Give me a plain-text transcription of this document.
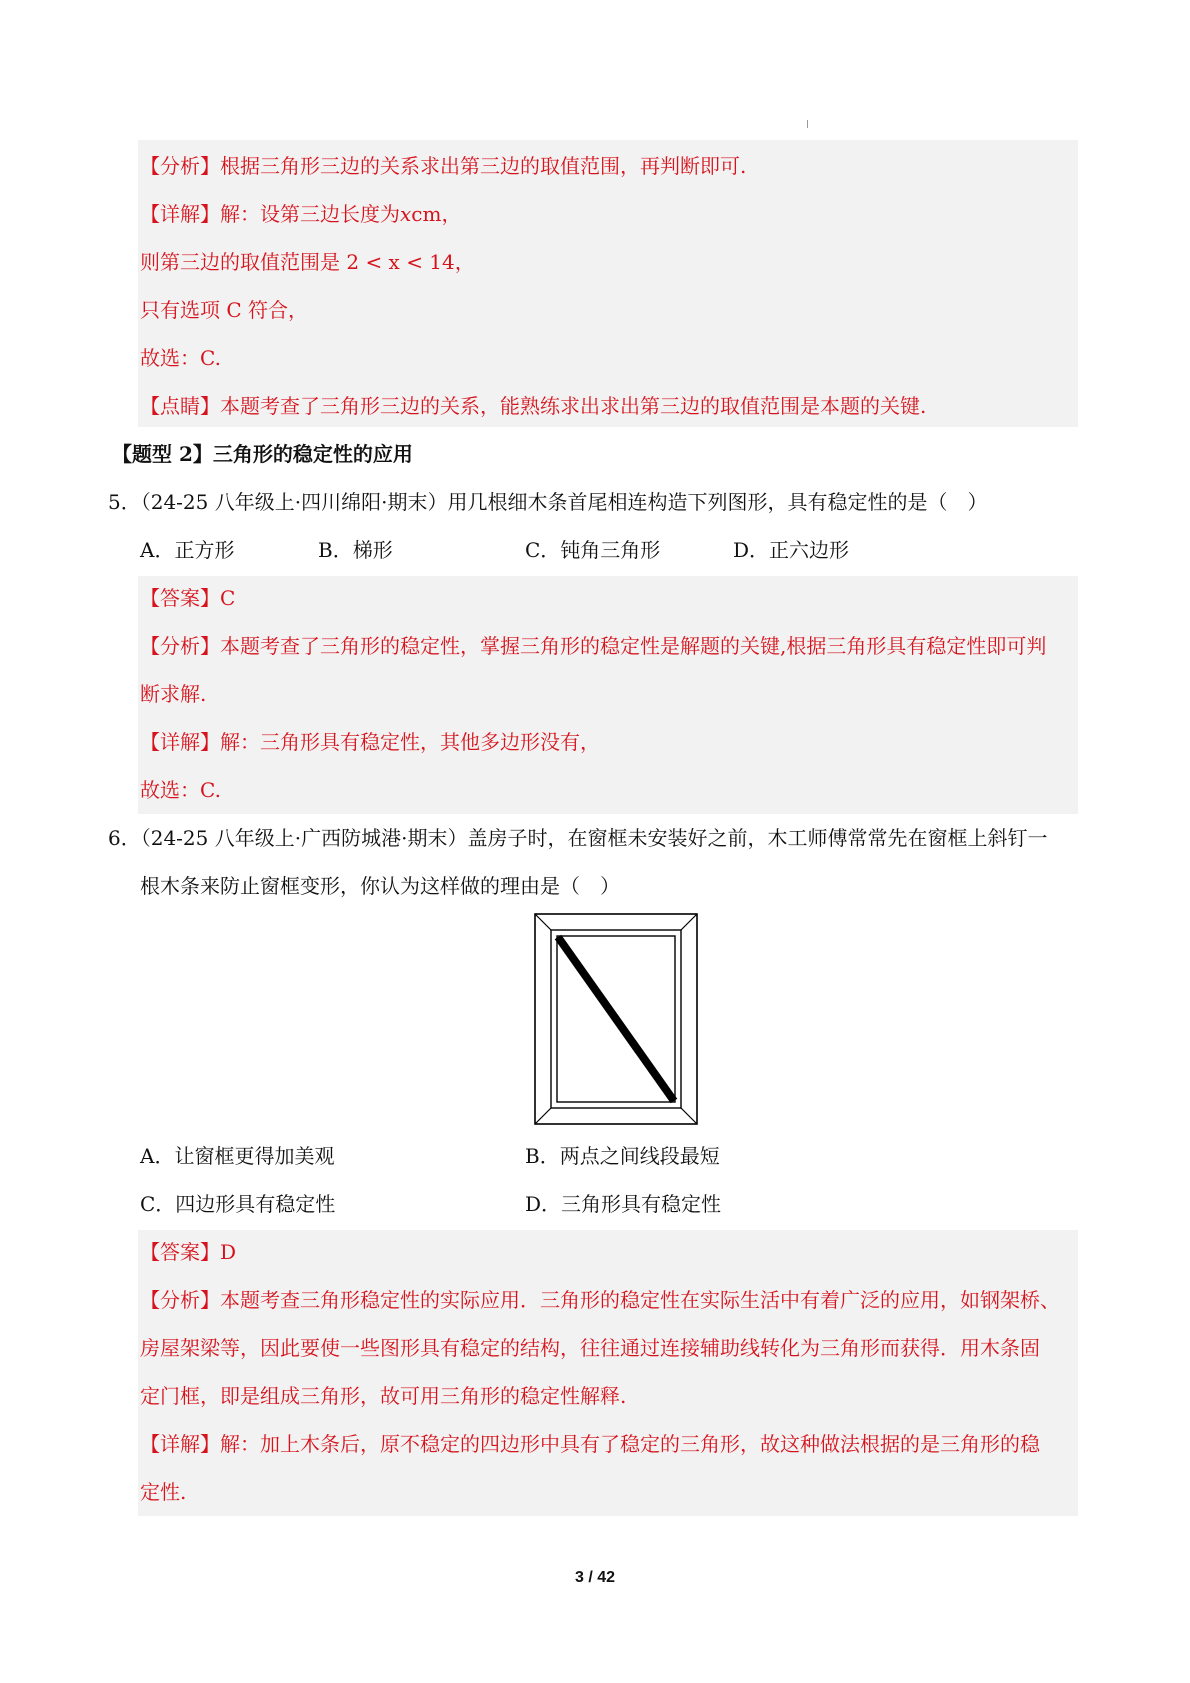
【分析】根据三角形三边的关系求出第三边的取值范围，再判断即可.
【详解】解：设第三边长度为xcm，
则第三边的取值范围是 2 < x < 14，
只有选项 C 符合，
故选：C.
【点睛】本题考查了三角形三边的关系，能熟练求出求出第三边的取值范围是本题的关键.
【题型 2】三角形的稳定性的应用
5．（24-25 八年级上·四川绵阳·期末）用几根细木条首尾相连构造下列图形，具有稳定性的是（　）
A．正方形	B．梯形	C．钝角三角形	D．正六边形
【答案】C
【分析】本题考查了三角形的稳定性，掌握三角形的稳定性是解题的关键,根据三角形具有稳定性即可判
断求解.
【详解】解：三角形具有稳定性，其他多边形没有，
故选：C.
6．（24-25 八年级上·广西防城港·期末）盖房子时，在窗框未安装好之前，木工师傅常常先在窗框上斜钉一
根木条来防止窗框变形，你认为这样做的理由是（　）
A．让窗框更得加美观	B．两点之间线段最短
C．四边形具有稳定性	D．三角形具有稳定性
【答案】D
【分析】本题考查三角形稳定性的实际应用．三角形的稳定性在实际生活中有着广泛的应用，如钢架桥、
房屋架梁等，因此要使一些图形具有稳定的结构，往往通过连接辅助线转化为三角形而获得．用木条固
定门框，即是组成三角形，故可用三角形的稳定性解释.
【详解】解：加上木条后，原不稳定的四边形中具有了稳定的三角形，故这种做法根据的是三角形的稳
定性.
3 / 42
